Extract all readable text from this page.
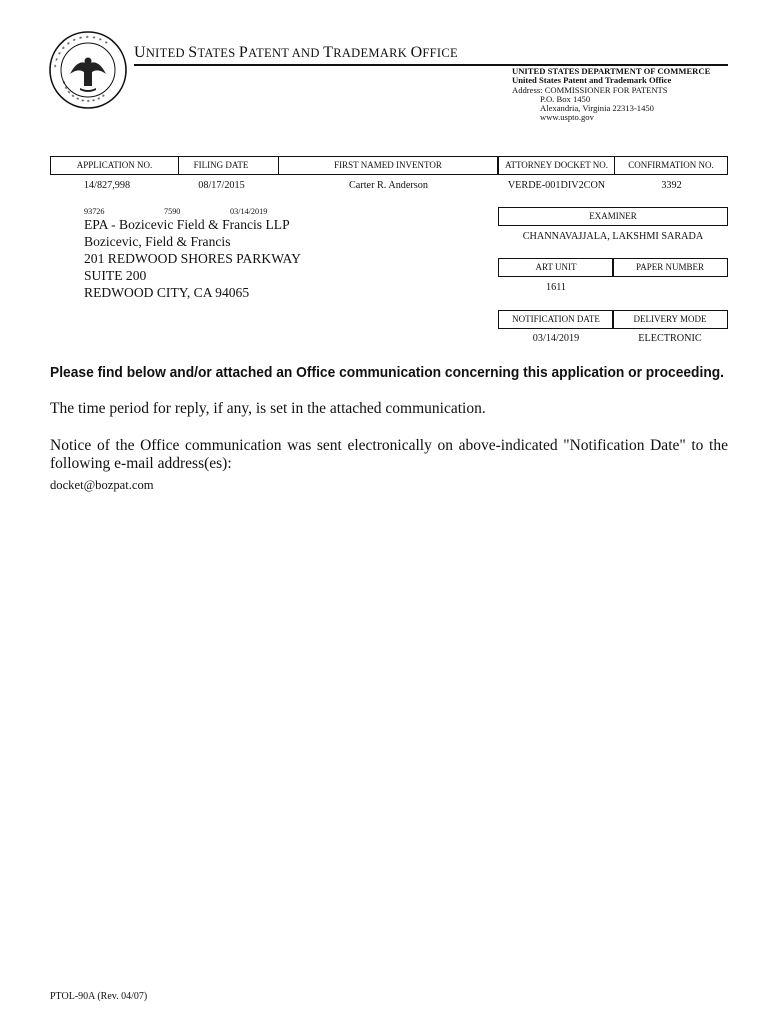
* * * * * * * * * * *
* * * * * * * * * *
UNITED STATES PATENT AND TRADEMARK OFFICE
UNITED STATES DEPARTMENT OF COMMERCE
United States Patent and Trademark Office
Address: COMMISSIONER FOR PATENTS
P.O. Box 1450
Alexandria, Virginia 22313-1450
www.uspto.gov
APPLICATION NO.	FILING DATE	FIRST NAMED INVENTOR	ATTORNEY DOCKET NO.	CONFIRMATION NO.
14/827,998	08/17/2015	Carter R. Anderson	VERDE-001DIV2CON	3392
93726	7590	03/14/2019
EPA - Bozicevic Field & Francis LLP
Bozicevic, Field & Francis
201 REDWOOD SHORES PARKWAY
SUITE 200
REDWOOD CITY, CA 94065
EXAMINER
CHANNAVAJJALA, LAKSHMI SARADA
ART UNIT	PAPER NUMBER
1611
NOTIFICATION DATE	DELIVERY MODE
03/14/2019	ELECTRONIC
Please find below and/or attached an Office communication concerning this application or proceeding.
The time period for reply, if any, is set in the attached communication.
Notice of the Office communication was sent electronically on above-indicated "Notification Date" to the following e-mail address(es):
docket@bozpat.com
PTOL-90A (Rev. 04/07)
